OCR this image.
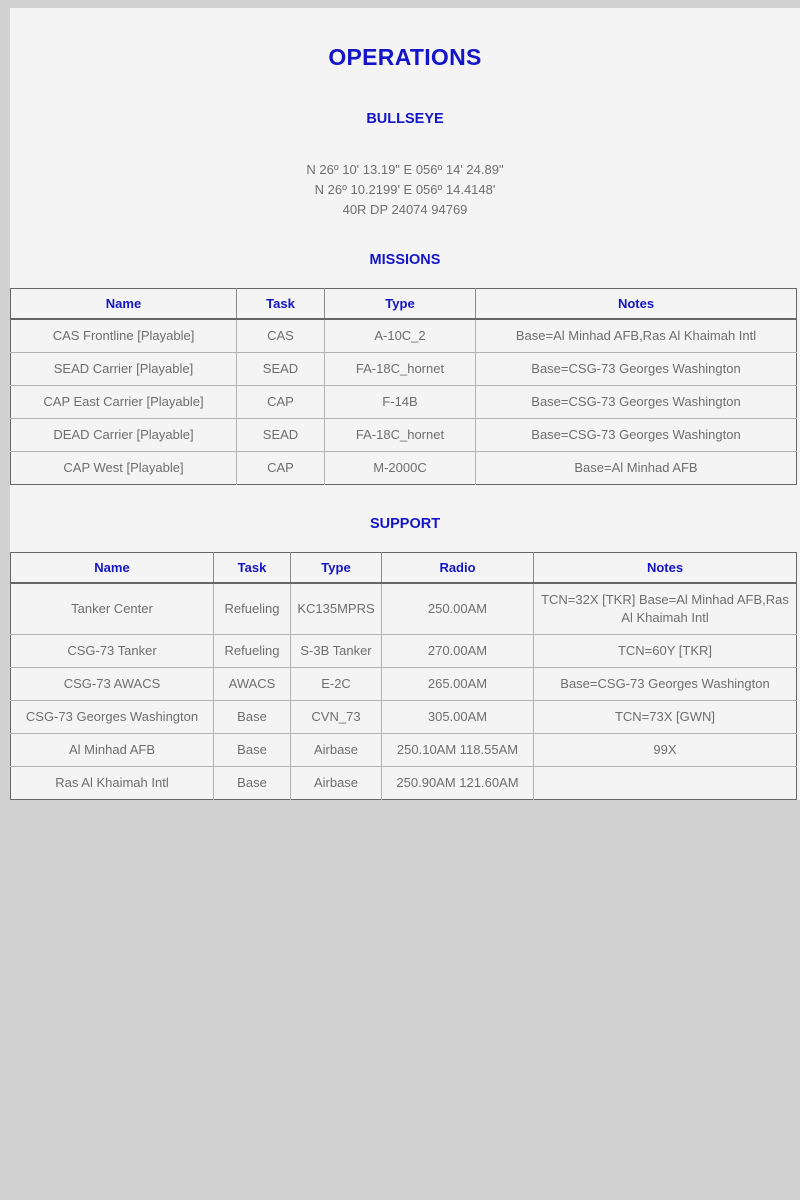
OPERATIONS
BULLSEYE
N 26º 10' 13.19" E 056º 14' 24.89"
N 26º 10.2199' E 056º 14.4148'
40R DP 24074 94769
MISSIONS
Name	Task	Type	Notes
CAS Frontline [Playable]	CAS	A-10C_2	Base=Al Minhad AFB,Ras Al Khaimah Intl
SEAD Carrier [Playable]	SEAD	FA-18C_hornet	Base=CSG-73 Georges Washington
CAP East Carrier [Playable]	CAP	F-14B	Base=CSG-73 Georges Washington
DEAD Carrier [Playable]	SEAD	FA-18C_hornet	Base=CSG-73 Georges Washington
CAP West [Playable]	CAP	M-2000C	Base=Al Minhad AFB
SUPPORT
Name	Task	Type	Radio	Notes
Tanker Center	Refueling	KC135MPRS	250.00AM	TCN=32X [TKR] Base=Al Minhad AFB,Ras Al Khaimah Intl
CSG-73 Tanker	Refueling	S-3B Tanker	270.00AM	TCN=60Y [TKR]
CSG-73 AWACS	AWACS	E-2C	265.00AM	Base=CSG-73 Georges Washington
CSG-73 Georges Washington	Base	CVN_73	305.00AM	TCN=73X [GWN]
Al Minhad AFB	Base	Airbase	250.10AM 118.55AM	99X
Ras Al Khaimah Intl	Base	Airbase	250.90AM 121.60AM	
